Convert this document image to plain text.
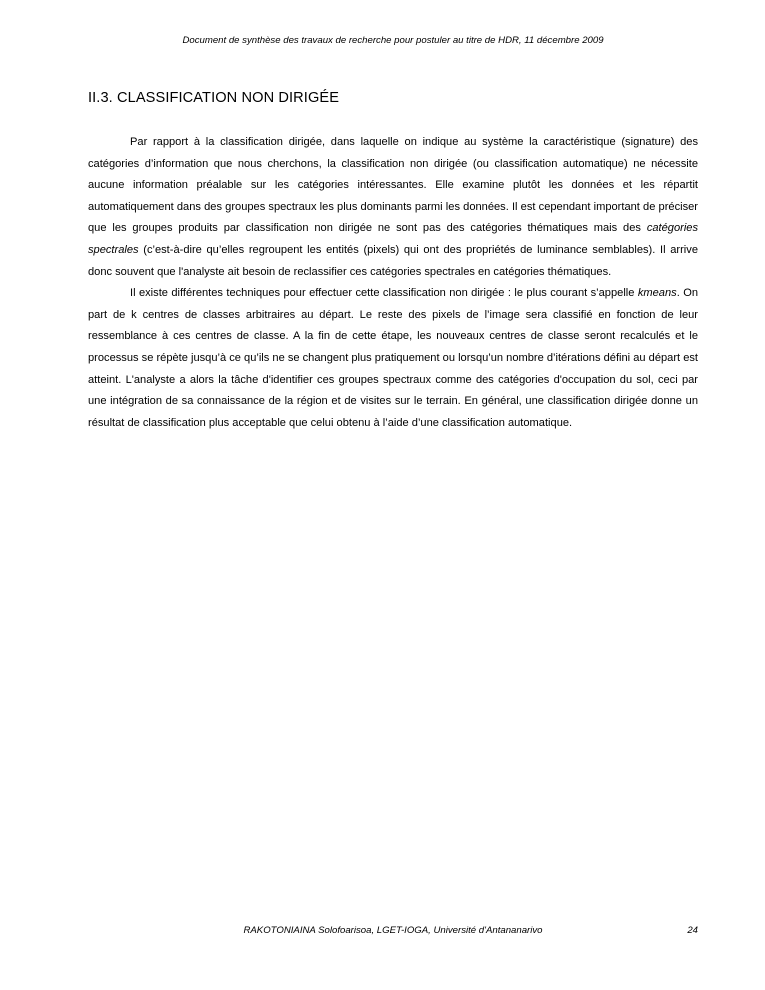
Document de synthèse des travaux de recherche pour postuler au titre de HDR, 11 décembre 2009
II.3. CLASSIFICATION NON DIRIGÉE

Par rapport à la classification dirigée, dans laquelle on indique au système la caractéristique (signature) des catégories d’information que nous cherchons, la classification non dirigée (ou classification automatique) ne nécessite aucune information préalable sur les catégories intéressantes. Elle examine plutôt les données et les répartit automatiquement dans des groupes spectraux les plus dominants parmi les données. Il est cependant important de préciser que les groupes produits par classification non dirigée ne sont pas des catégories thématiques mais des catégories spectrales (c’est-à-dire qu’elles regroupent les entités (pixels) qui ont des propriétés de luminance semblables). Il arrive donc souvent que l'analyste ait besoin de reclassifier ces catégories spectrales en catégories thématiques.

Il existe différentes techniques pour effectuer cette classification non dirigée : le plus courant s’appelle kmeans. On part de k centres de classes arbitraires au départ. Le reste des pixels de l’image sera classifié en fonction de leur ressemblance à ces centres de classe. A la fin de cette étape, les nouveaux centres de classe seront recalculés et le processus se répète jusqu’à ce qu’ils ne se changent plus pratiquement ou lorsqu’un nombre d’itérations défini au départ est atteint. L'analyste a alors la tâche d'identifier ces groupes spectraux comme des catégories d'occupation du sol, ceci par une intégration de sa connaissance de la région et de visites sur le terrain. En général, une classification dirigée donne un résultat de classification plus acceptable que celui obtenu à l’aide d’une classification automatique.

RAKOTONIAINA Solofoarisoa, LGET-IOGA, Université d'Antananarivo	24
